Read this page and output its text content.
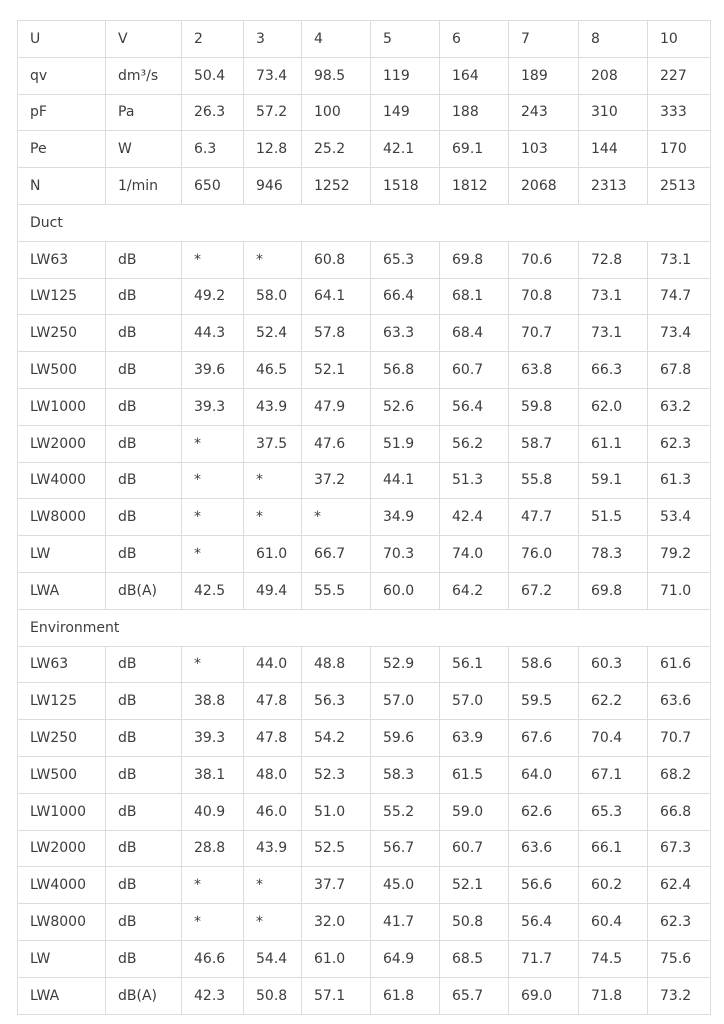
U	V	2	3	4	5	6	7	8	10
qv	dm³/s	50.4	73.4	98.5	119	164	189	208	227
pF	Pa	26.3	57.2	100	149	188	243	310	333
Pe	W	6.3	12.8	25.2	42.1	69.1	103	144	170
N	1/min	650	946	1252	1518	1812	2068	2313	2513
Duct									
LW63	dB	*	*	60.8	65.3	69.8	70.6	72.8	73.1
LW125	dB	49.2	58.0	64.1	66.4	68.1	70.8	73.1	74.7
LW250	dB	44.3	52.4	57.8	63.3	68.4	70.7	73.1	73.4
LW500	dB	39.6	46.5	52.1	56.8	60.7	63.8	66.3	67.8
LW1000	dB	39.3	43.9	47.9	52.6	56.4	59.8	62.0	63.2
LW2000	dB	*	37.5	47.6	51.9	56.2	58.7	61.1	62.3
LW4000	dB	*	*	37.2	44.1	51.3	55.8	59.1	61.3
LW8000	dB	*	*	*	34.9	42.4	47.7	51.5	53.4
LW	dB	*	61.0	66.7	70.3	74.0	76.0	78.3	79.2
LWA	dB(A)	42.5	49.4	55.5	60.0	64.2	67.2	69.8	71.0
Environment									
LW63	dB	*	44.0	48.8	52.9	56.1	58.6	60.3	61.6
LW125	dB	38.8	47.8	56.3	57.0	57.0	59.5	62.2	63.6
LW250	dB	39.3	47.8	54.2	59.6	63.9	67.6	70.4	70.7
LW500	dB	38.1	48.0	52.3	58.3	61.5	64.0	67.1	68.2
LW1000	dB	40.9	46.0	51.0	55.2	59.0	62.6	65.3	66.8
LW2000	dB	28.8	43.9	52.5	56.7	60.7	63.6	66.1	67.3
LW4000	dB	*	*	37.7	45.0	52.1	56.6	60.2	62.4
LW8000	dB	*	*	32.0	41.7	50.8	56.4	60.4	62.3
LW	dB	46.6	54.4	61.0	64.9	68.5	71.7	74.5	75.6
LWA	dB(A)	42.3	50.8	57.1	61.8	65.7	69.0	71.8	73.2
